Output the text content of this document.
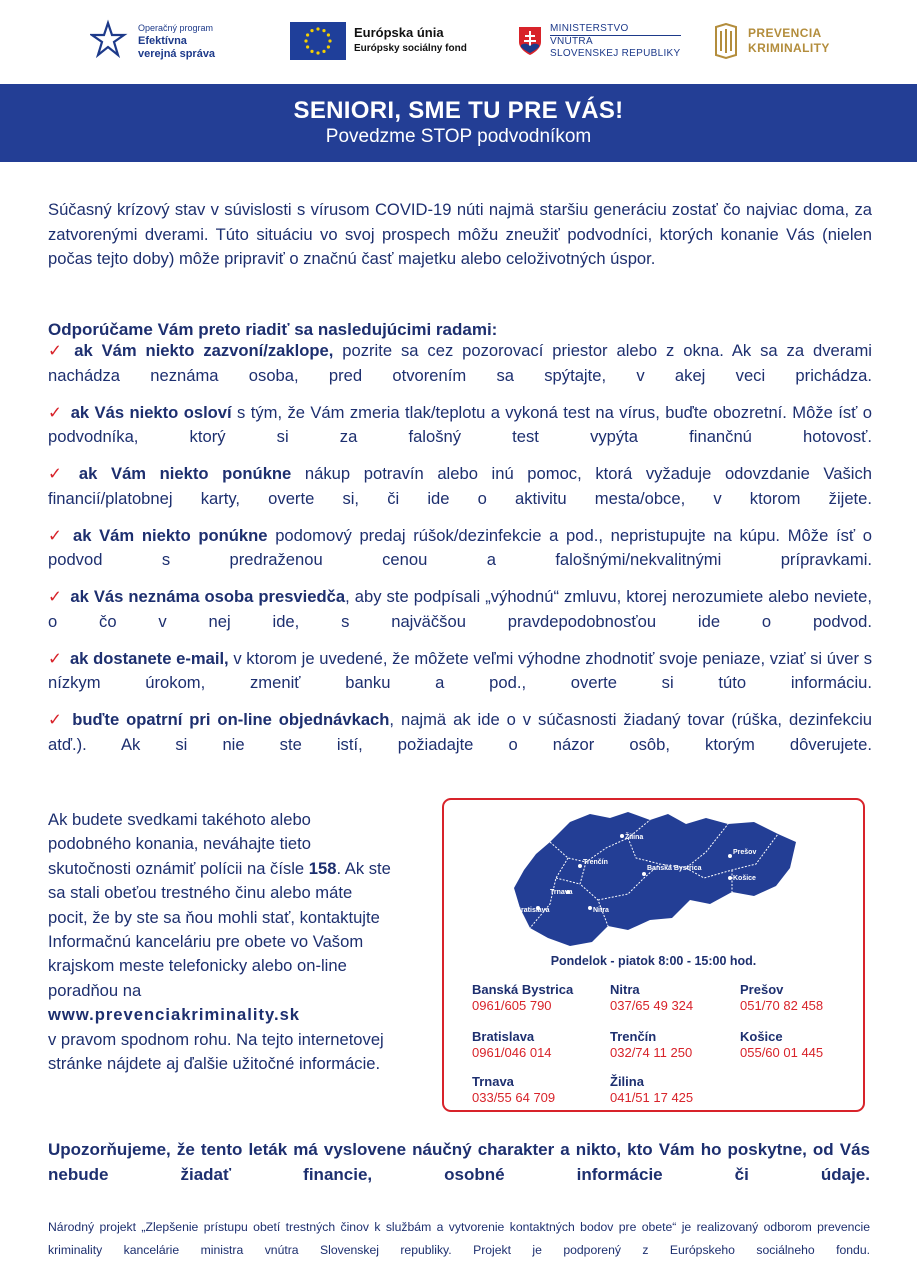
Operačný program
Efektívna
verejná správa
Európska únia
Európsky sociálny fond
MINISTERSTVO
VNÚTRA
SLOVENSKEJ REPUBLIKY
PREVENCIA
KRIMINALITY
SENIORI, SME TU PRE VÁS!
Povedzme STOP podvodníkom

Súčasný krízový stav v súvislosti s vírusom COVID-19 núti najmä staršiu generáciu zostať čo najviac doma, za zatvorenými dverami. Túto situáciu vo svoj prospech môžu zneužiť podvodníci, ktorých konanie Vás (nielen počas tejto doby) môže pripraviť o značnú časť majetku alebo celoživotných úspor.

Odporúčame Vám preto riadiť sa nasledujúcimi radami:
✓ ak Vám niekto zazvoní/zaklope, pozrite sa cez pozorovací priestor alebo z okna. Ak sa za dverami nachádza neznáma osoba, pred otvorením sa spýtajte, v akej veci prichádza.
✓ ak Vás niekto osloví s tým, že Vám zmeria tlak/teplotu a vykoná test na vírus, buďte obozretní. Môže ísť o podvodníka, ktorý si za falošný test vypýta finančnú hotovosť.
✓ ak Vám niekto ponúkne nákup potravín alebo inú pomoc, ktorá vyžaduje odovzdanie Vašich financií/platobnej karty, overte si, či ide o aktivitu mesta/obce, v ktorom žijete.
✓ ak Vám niekto ponúkne podomový predaj rúšok/dezinfekcie a pod., nepristupujte na kúpu. Môže ísť o podvod s predraženou cenou a falošnými/nekvalitnými prípravkami.
✓ ak Vás neznáma osoba presviedča, aby ste podpísali „výhodnú“ zmluvu, ktorej nerozumiete alebo neviete, o čo v nej ide, s najväčšou pravdepodobnosťou ide o podvod.
✓ ak dostanete e-mail, v ktorom je uvedené, že môžete veľmi výhodne zhodnotiť svoje peniaze, vziať si úver s nízkym úrokom, zmeniť banku a pod., overte si túto informáciu.
✓ buďte opatrní pri on-line objednávkach, najmä ak ide o v súčasnosti žiadaný tovar (rúška, dezinfekciu atď.). Ak si nie ste istí, požiadajte o názor osôb, ktorým dôverujete.
Ak budete svedkami takéhoto alebo podobného konania, neváhajte tieto skutočnosti oznámiť polícii na čísle 158. Ak ste sa stali obeťou trestného činu alebo máte pocit, že by ste sa ňou mohli stať, kontaktujte Informačnú kanceláriu pre obete vo Vašom krajskom meste telefonicky alebo on-line poradňou na
www.prevenciakriminality.sk
v pravom spodnom rohu. Na tejto internetovej stránke nájdete aj ďalšie užitočné informácie.
Žilina
Prešov
Trenčín
Banská Bystrica
Košice
Trnava
Bratislava	Nitra
Pondelok - piatok 8:00 - 15:00 hod.
Banská Bystrica
0961/605 790
Nitra
037/65 49 324
Prešov
051/70 82 458
Bratislava
0961/046 014
Trenčín
032/74 11 250
Košice
055/60 01 445
Trnava
033/55 64 709
Žilina
041/51 17 425
Upozorňujeme, že tento leták má vyslovene náučný charakter a nikto, kto Vám ho poskytne, od Vás nebude žiadať financie, osobné informácie či údaje.
Národný projekt „Zlepšenie prístupu obetí trestných činov k službám a vytvorenie kontaktných bodov pre obete“ je realizovaný odborom prevencie kriminality kancelárie ministra vnútra Slovenskej republiky. Projekt je podporený z Európskeho sociálneho fondu.
